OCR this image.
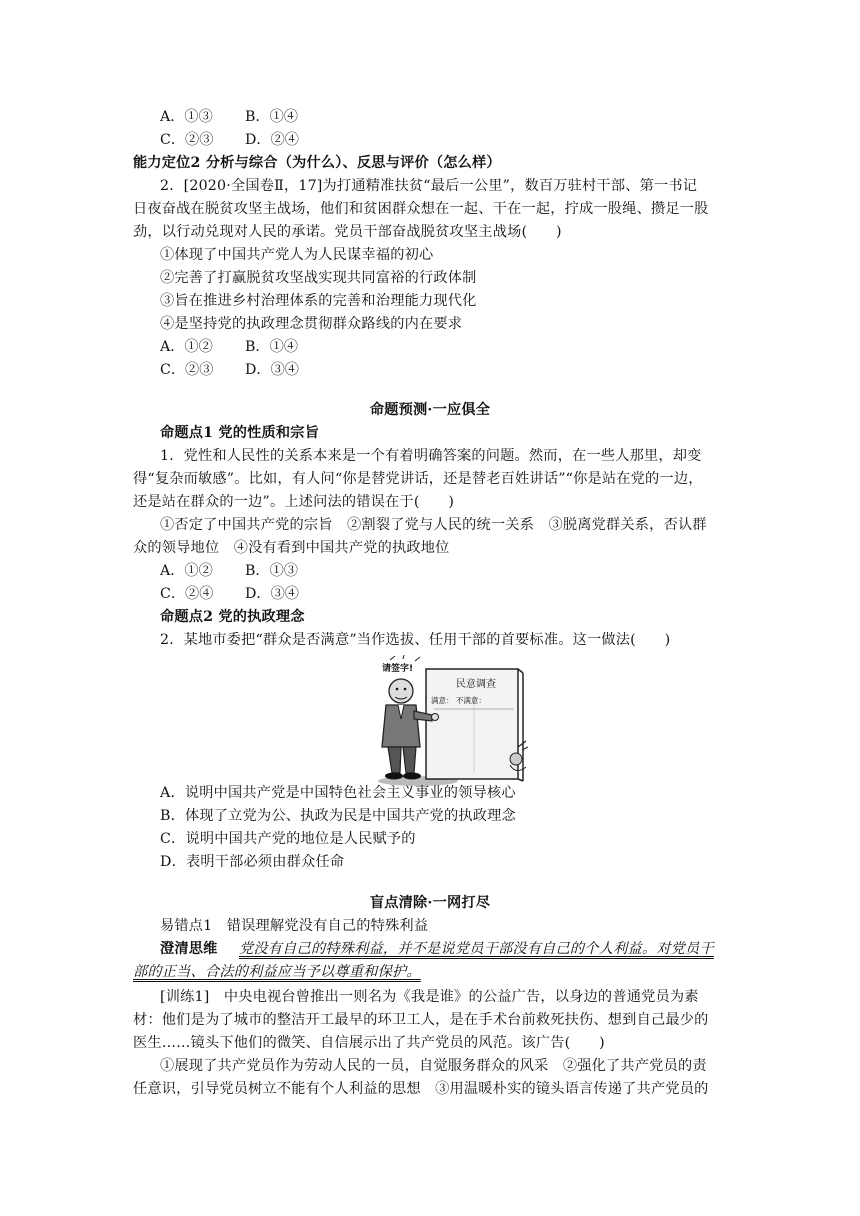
A．①③ B．①④
C．②③ D．②④
能力定位2 分析与综合（为什么）、反思与评价（怎么样）
2．[2020·全国卷Ⅱ，17]为打通精准扶贫“最后一公里”，数百万驻村干部、第一书记
日夜奋战在脱贫攻坚主战场，他们和贫困群众想在一起、干在一起，拧成一股绳、攒足一股
劲，以行动兑现对人民的承诺。党员干部奋战脱贫攻坚主战场(　　)
①体现了中国共产党人为人民谋幸福的初心
②完善了打赢脱贫攻坚战实现共同富裕的行政体制
③旨在推进乡村治理体系的完善和治理能力现代化
④是坚持党的执政理念贯彻群众路线的内在要求
A．①② B．①④
C．②③ D．③④
命题预测·一应俱全
命题点1 党的性质和宗旨
1．党性和人民性的关系本来是一个有着明确答案的问题。然而，在一些人那里，却变
得“复杂而敏感”。比如，有人问“你是替党讲话，还是替老百姓讲话”“你是站在党的一边，
还是站在群众的一边”。上述问法的错误在于(　　)
①否定了中国共产党的宗旨　②割裂了党与人民的统一关系　③脱离党群关系，否认群
众的领导地位　④没有看到中国共产党的执政地位
A．①② B．①③
C．②④ D．③④
命题点2 党的执政理念
2．某地市委把“群众是否满意”当作选拔、任用干部的首要标准。这一做法(　　)
民意调查
满意： 不满意：
请签字!
A．说明中国共产党是中国特色社会主义事业的领导核心
B．体现了立党为公、执政为民是中国共产党的执政理念
C．说明中国共产党的地位是人民赋予的
D．表明干部必须由群众任命
盲点清除·一网打尽
易错点1　错误理解党没有自己的特殊利益
澄清思维 党没有自己的特殊利益，并不是说党员干部没有自己的个人利益。对党员干
部的正当、合法的利益应当予以尊重和保护。
[训练1]　中央电视台曾推出一则名为《我是谁》的公益广告，以身边的普通党员为素
材：他们是为了城市的整洁开工最早的环卫工人，是在手术台前救死扶伤、想到自己最少的
医生……镜头下他们的微笑、自信展示出了共产党员的风范。该广告(　　)
①展现了共产党员作为劳动人民的一员，自觉服务群众的风采　②强化了共产党员的责
任意识，引导党员树立不能有个人利益的思想　③用温暖朴实的镜头语言传递了共产党员的
